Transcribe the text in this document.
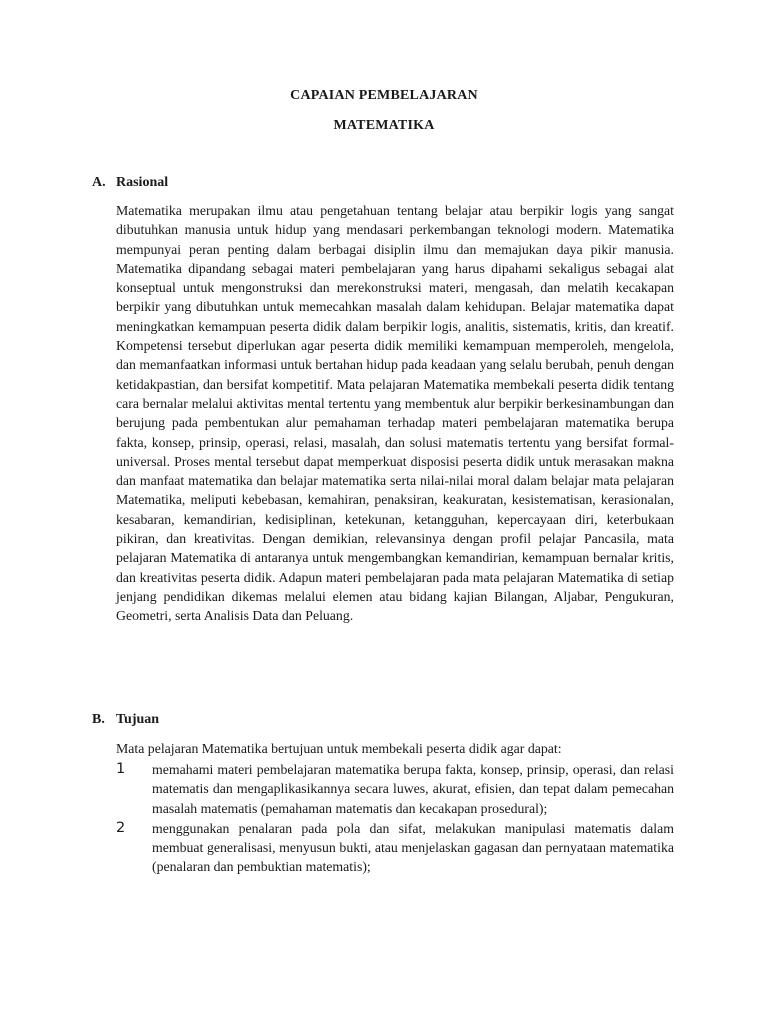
CAPAIAN PEMBELAJARAN
MATEMATIKA
A. Rasional
Matematika merupakan ilmu atau pengetahuan tentang belajar atau berpikir logis yang sangat dibutuhkan manusia untuk hidup yang mendasari perkembangan teknologi modern. Matematika mempunyai peran penting dalam berbagai disiplin ilmu dan memajukan daya pikir manusia. Matematika dipandang sebagai materi pembelajaran yang harus dipahami sekaligus sebagai alat konseptual untuk mengonstruksi dan merekonstruksi materi, mengasah, dan melatih kecakapan berpikir yang dibutuhkan untuk memecahkan masalah dalam kehidupan. Belajar matematika dapat meningkatkan kemampuan peserta didik dalam berpikir logis, analitis, sistematis, kritis, dan kreatif. Kompetensi tersebut diperlukan agar peserta didik memiliki kemampuan memperoleh, mengelola, dan memanfaatkan informasi untuk bertahan hidup pada keadaan yang selalu berubah, penuh dengan ketidakpastian, dan bersifat kompetitif. Mata pelajaran Matematika membekali peserta didik tentang cara bernalar melalui aktivitas mental tertentu yang membentuk alur berpikir berkesinambungan dan berujung pada pembentukan alur pemahaman terhadap materi pembelajaran matematika berupa fakta, konsep, prinsip, operasi, relasi, masalah, dan solusi matematis tertentu yang bersifat formal-universal. Proses mental tersebut dapat memperkuat disposisi peserta didik untuk merasakan makna dan manfaat matematika dan belajar matematika serta nilai-nilai moral dalam belajar mata pelajaran Matematika, meliputi kebebasan, kemahiran, penaksiran, keakuratan, kesistematisan, kerasionalan, kesabaran, kemandirian, kedisiplinan, ketekunan, ketangguhan, kepercayaan diri, keterbukaan pikiran, dan kreativitas. Dengan demikian, relevansinya dengan profil pelajar Pancasila, mata pelajaran Matematika di antaranya untuk mengembangkan kemandirian, kemampuan bernalar kritis, dan kreativitas peserta didik. Adapun materi pembelajaran pada mata pelajaran Matematika di setiap jenjang pendidikan dikemas melalui elemen atau bidang kajian Bilangan, Aljabar, Pengukuran, Geometri, serta Analisis Data dan Peluang.
B. Tujuan
Mata pelajaran Matematika bertujuan untuk membekali peserta didik agar dapat:
1 memahami materi pembelajaran matematika berupa fakta, konsep, prinsip, operasi, dan relasi matematis dan mengaplikasikannya secara luwes, akurat, efisien, dan tepat dalam pemecahan masalah matematis (pemahaman matematis dan kecakapan prosedural);
2 menggunakan penalaran pada pola dan sifat, melakukan manipulasi matematis dalam membuat generalisasi, menyusun bukti, atau menjelaskan gagasan dan pernyataan matematika (penalaran dan pembuktian matematis);
